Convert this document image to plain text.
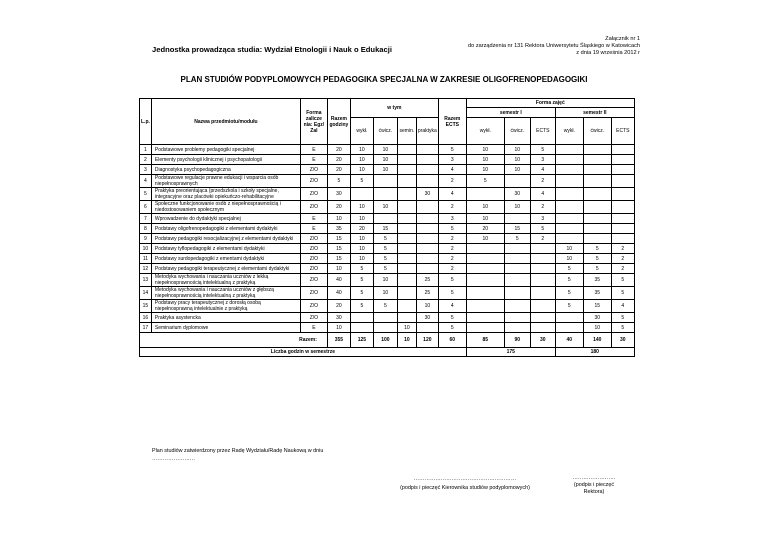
Załącznik nr 1
do zarządzenia nr 131 Rektora Uniwersytetu Śląskiego w Katowicach
z dnia 19 września 2012 r
Jednostka prowadząca studia: Wydział Etnologii i Nauk o Edukacji
PLAN STUDIÓW PODYPLOMOWYCH PEDAGOGIKA SPECJALNA W ZAKRESIE OLIGOFRENOPEDAGOGIKI
L.p.	Nazwa przedmiotu/modułu	Forma zalicze nia: Egz/ Zal	Razem godziny	w tym				Razem ECTS	Forma zajęć					
									semestr I			semestr II		
				wykł.	ćwicz.	semin.	praktyka		wykł.	ćwicz.	ECTS	wykł.	ćwicz.	ECTS
1	Podstawowe problemy pedagogiki specjalnej	E	20	10	10			5	10	10	5			
2	Elementy psychologii klinicznej i psychopatologii	E	20	10	10			3	10	10	3			
3	Diagnostyka psychopedagogiczna	Z/O	20	10	10			4	10	10	4			
4	Podstawowe regulacje prawne edukacji i wsparcia osób niepełnosprawnych	Z/O	5	5				2	5		2			
5	Praktyka preorientująca (przedszkola i szkoły specjalne, integracyjne oraz placówki opiekuńczo-rehabilitacyjne	Z/O	30				30	4		30	4			
6	Społeczne funkcjonowanie osób z niepełnosprawnością i niedostosowaniem społecznym	Z/O	20	10	10			2	10	10	2			
7	Wprowadzenie do dydaktyki specjalnej	E	10	10				3	10		3			
8	Podstawy oligofrenopedagogiki z elementami dydaktyki	E	35	20	15			5	20	15	5			
9	Podstawy pedagogiki resocjalizacyjnej z elementami dydaktyki	Z/O	15	10	5			2	10	5	2			
10	Podstawy tyflopedagogiki z elementami dydaktyki	Z/O	15	10	5			2				10	5	2
11	Podstawy surdopedagogiki z ementami dydaktyki	Z/O	15	10	5			2				10	5	2
12	Podstawy pedagogiki terapeutycznej z elementami dydaktyki	Z/O	10	5	5			2				5	5	2
13	Metodyka wychowania i nauczania uczniów z lekką niepełnosprawnością intelektualną z praktyką	Z/O	40	5	10		25	5				5	35	5
14	Metodyka wychowania i nauczania uczniów z głębszą niepełnosprawnością intelektualną z praktyką	Z/O	40	5	10		25	5				5	35	5
15	Podstawy pracy terapeutycznej z dorosłą osobą niepełnosprawną intelektualnie z praktyką	Z/O	20	5	5		10	4				5	15	4
16	Praktyka asystencka	Z/O	30				30	5					30	5
17	Seminarium dyplomowe	E	10			10		5					10	5
Razem:			355	125	100	10	120	60	85	90	30	40	140	30
Liczba godzin w semestrze									175			180		
Plan studiów zatwierdzony przez Radę Wydziału/Radę Naukową w dniu
……………………
…………………………………………………
(podpis i pieczęć Kierownika studiów podyplomowych)
……………………
(podpis i pieczęć Rektora)
